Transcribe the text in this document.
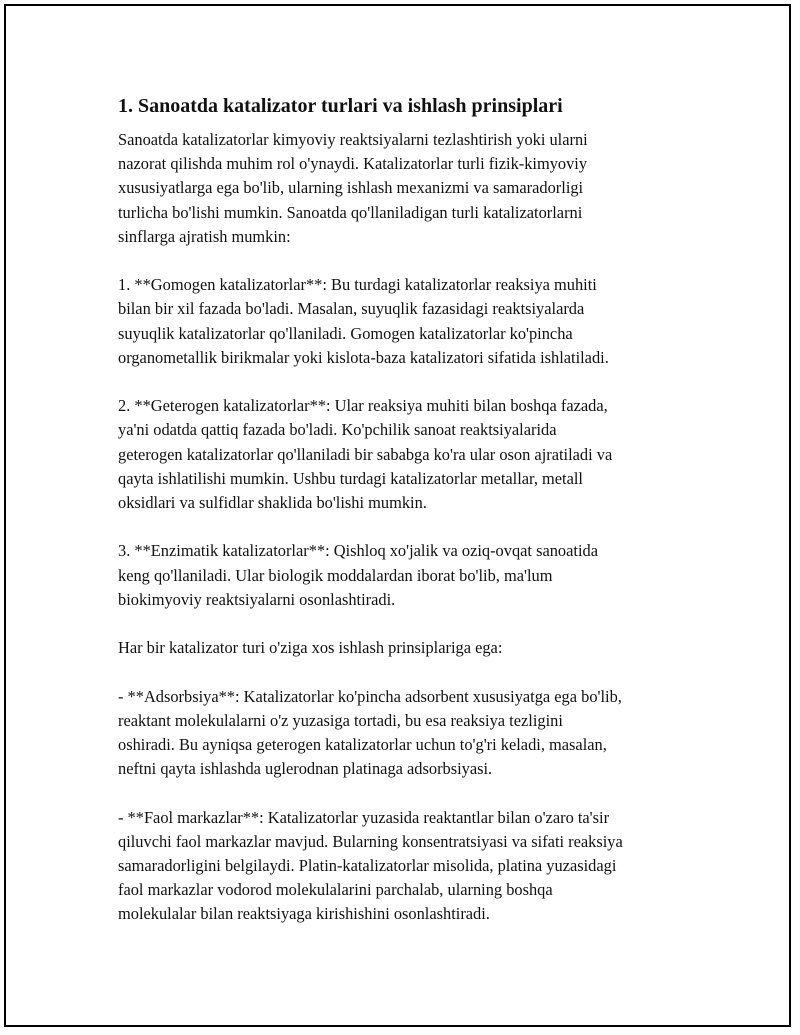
1. Sanoatda katalizator turlari va ishlash prinsiplari
Sanoatda katalizatorlar kimyoviy reaktsiyalarni tezlashtirish yoki ularni
nazorat qilishda muhim rol o'ynaydi. Katalizatorlar turli fizik-kimyoviy
xususiyatlarga ega bo'lib, ularning ishlash mexanizmi va samaradorligi
turlicha bo'lishi mumkin. Sanoatda qo'llaniladigan turli katalizatorlarni
sinflarga ajratish mumkin:
1. **Gomogen katalizatorlar**: Bu turdagi katalizatorlar reaksiya muhiti
bilan bir xil fazada bo'ladi. Masalan, suyuqlik fazasidagi reaktsiyalarda
suyuqlik katalizatorlar qo'llaniladi. Gomogen katalizatorlar ko'pincha
organometallik birikmalar yoki kislota-baza katalizatori sifatida ishlatiladi.
2. **Geterogen katalizatorlar**: Ular reaksiya muhiti bilan boshqa fazada,
ya'ni odatda qattiq fazada bo'ladi. Ko'pchilik sanoat reaktsiyalarida
geterogen katalizatorlar qo'llaniladi bir sababga ko'ra ular oson ajratiladi va
qayta ishlatilishi mumkin. Ushbu turdagi katalizatorlar metallar, metall
oksidlari va sulfidlar shaklida bo'lishi mumkin.
3. **Enzimatik katalizatorlar**: Qishloq xo'jalik va oziq-ovqat sanoatida
keng qo'llaniladi. Ular biologik moddalardan iborat bo'lib, ma'lum
biokimyoviy reaktsiyalarni osonlashtiradi.
Har bir katalizator turi o'ziga xos ishlash prinsiplariga ega:
- **Adsorbsiya**: Katalizatorlar ko'pincha adsorbent xususiyatga ega bo'lib,
reaktant molekulalarni o'z yuzasiga tortadi, bu esa reaksiya tezligini
oshiradi. Bu ayniqsa geterogen katalizatorlar uchun to'g'ri keladi, masalan,
neftni qayta ishlashda uglerodnan platinaga adsorbsiyasi.
- **Faol markazlar**: Katalizatorlar yuzasida reaktantlar bilan o'zaro ta'sir
qiluvchi faol markazlar mavjud. Bularning konsentratsiyasi va sifati reaksiya
samaradorligini belgilaydi. Platin-katalizatorlar misolida, platina yuzasidagi
faol markazlar vodorod molekulalarini parchalab, ularning boshqa
molekulalar bilan reaktsiyaga kirishishini osonlashtiradi.
